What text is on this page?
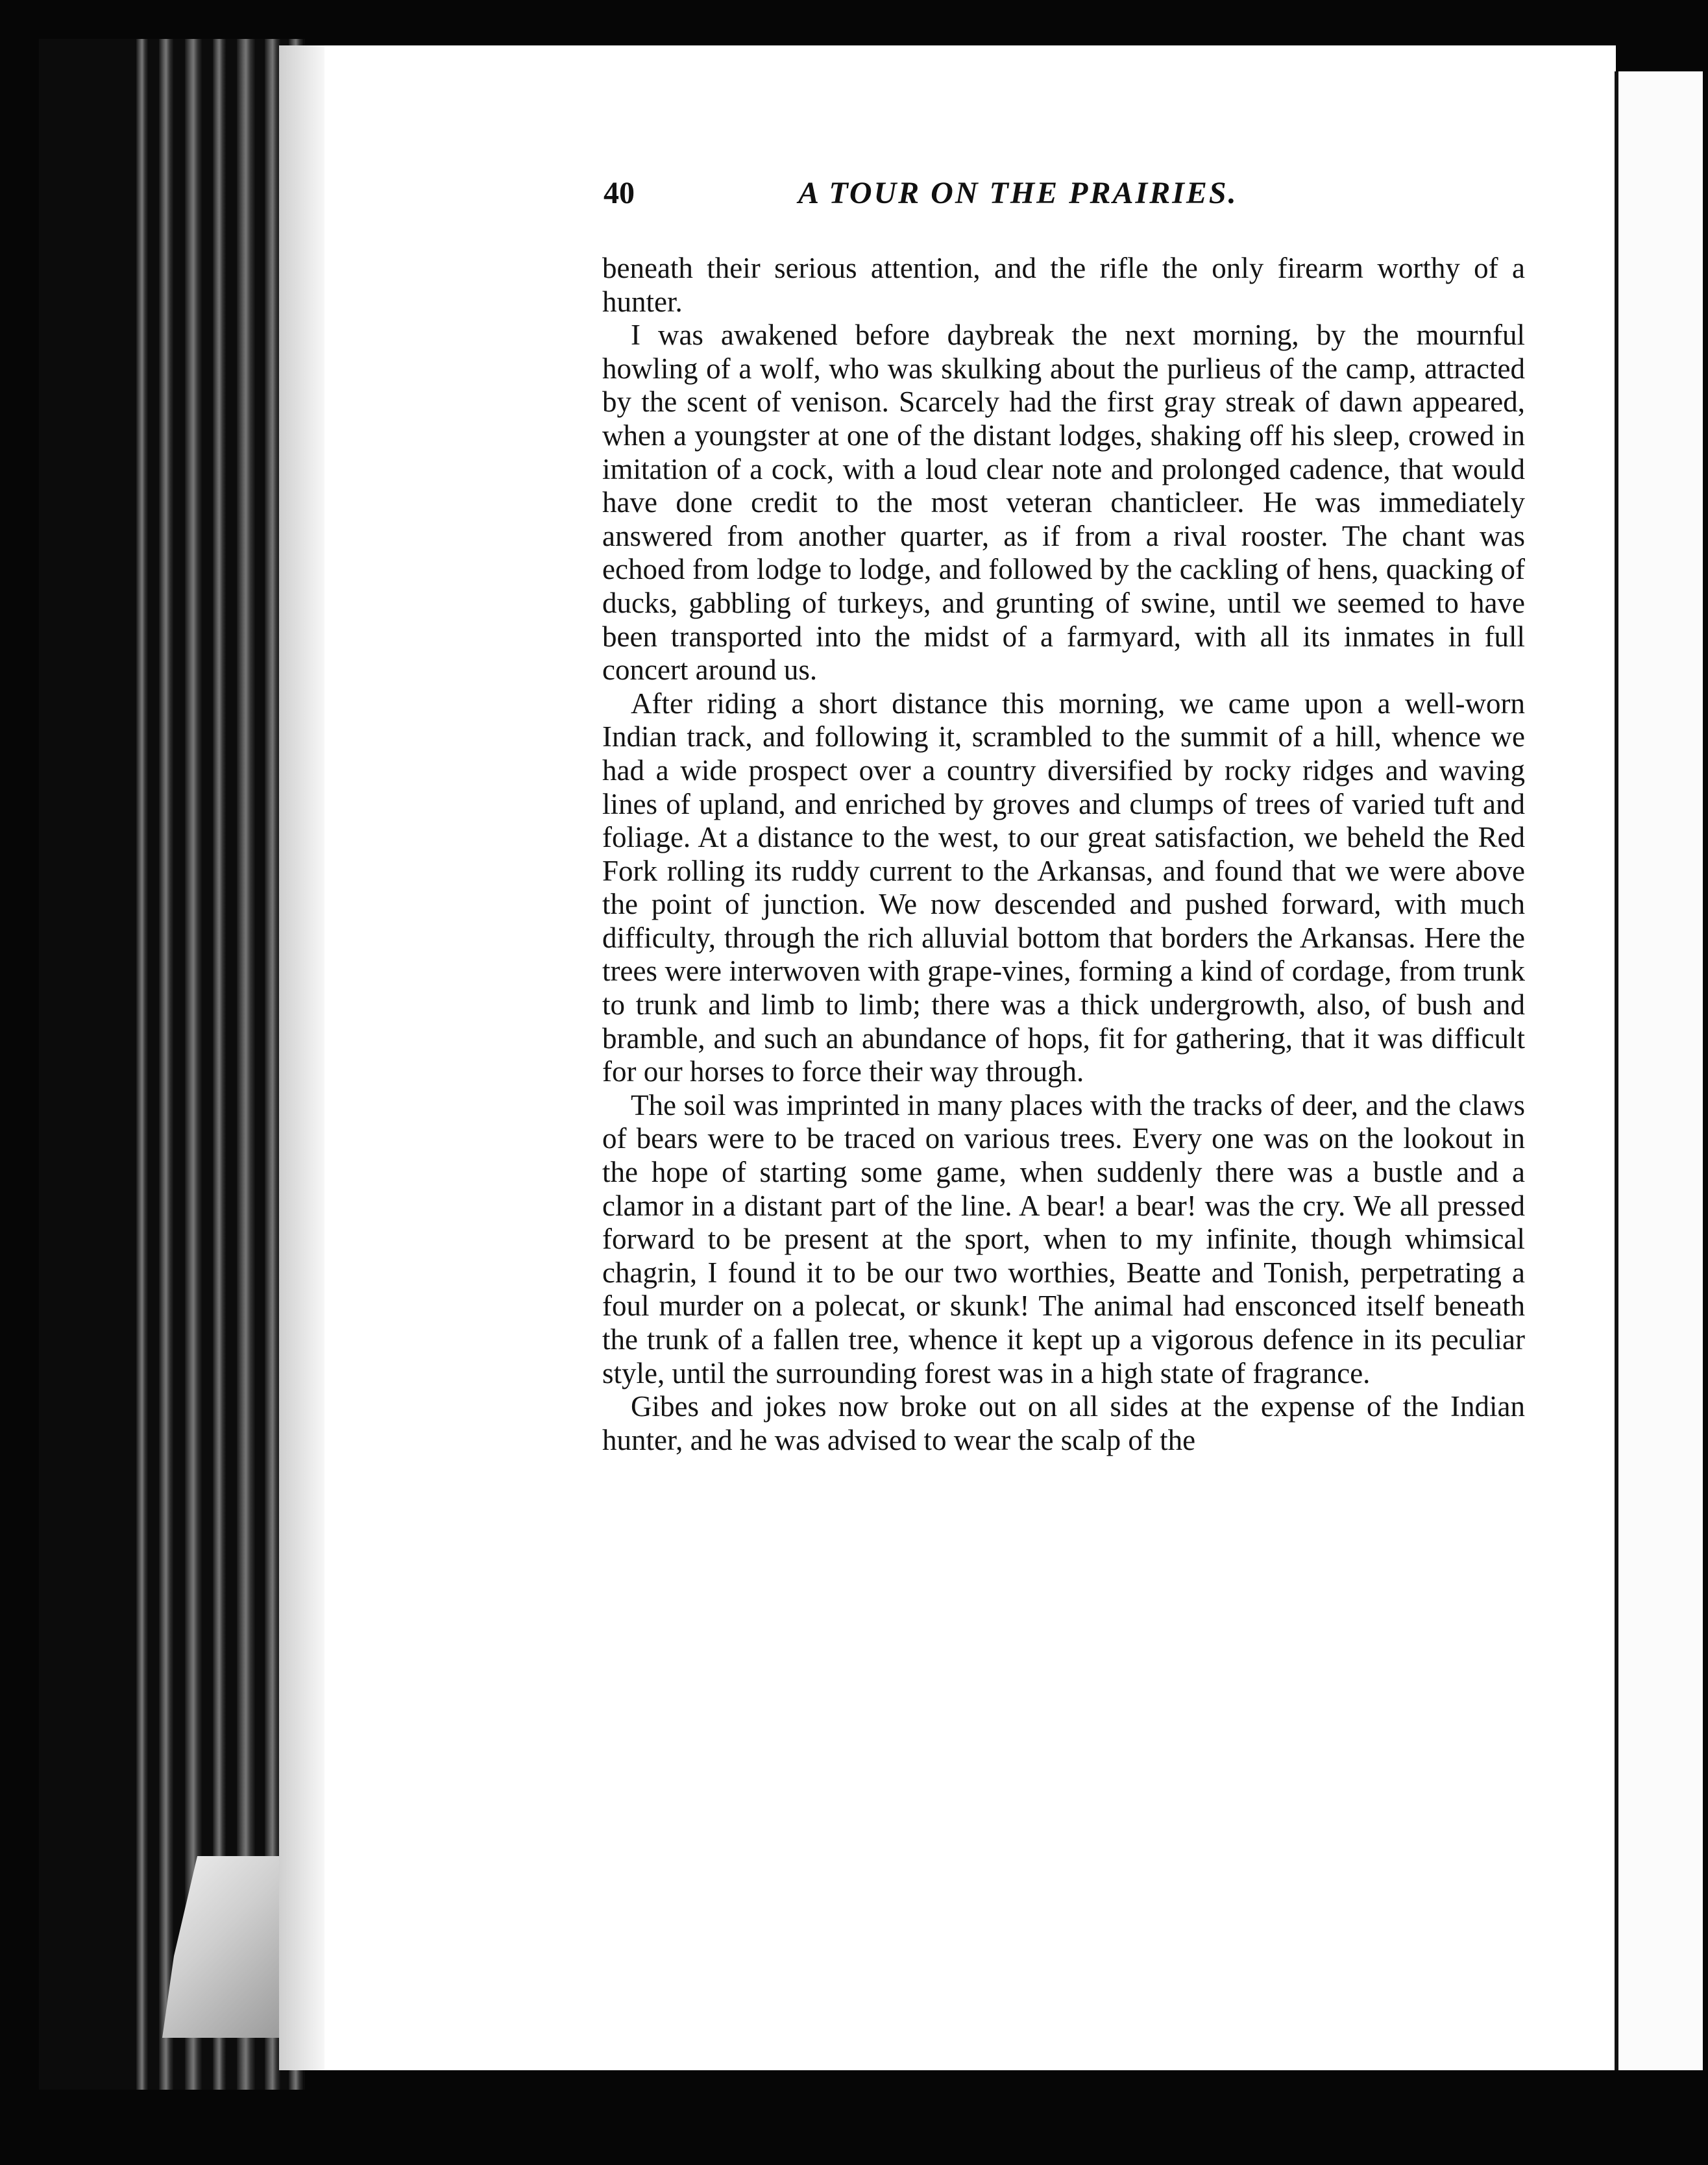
40	A TOUR ON THE PRAIRIES.

beneath their serious attention, and the rifle the only firearm worthy of a hunter.

I was awakened before daybreak the next morning, by the mournful howling of a wolf, who was skulking about the purlieus of the camp, attracted by the scent of venison. Scarcely had the first gray streak of dawn appeared, when a youngster at one of the distant lodges, shaking off his sleep, crowed in imitation of a cock, with a loud clear note and prolonged cadence, that would have done credit to the most veteran chanticleer. He was immediately answered from another quarter, as if from a rival rooster. The chant was echoed from lodge to lodge, and followed by the cackling of hens, quacking of ducks, gabbling of turkeys, and grunting of swine, until we seemed to have been transported into the midst of a farmyard, with all its inmates in full concert around us.

After riding a short distance this morning, we came upon a well-worn Indian track, and following it, scrambled to the summit of a hill, whence we had a wide prospect over a country diversified by rocky ridges and waving lines of upland, and enriched by groves and clumps of trees of varied tuft and foliage. At a distance to the west, to our great satisfaction, we beheld the Red Fork rolling its ruddy current to the Arkansas, and found that we were above the point of junction. We now descended and pushed forward, with much difficulty, through the rich alluvial bottom that borders the Arkansas. Here the trees were interwoven with grape-vines, forming a kind of cordage, from trunk to trunk and limb to limb; there was a thick undergrowth, also, of bush and bramble, and such an abundance of hops, fit for gathering, that it was difficult for our horses to force their way through.

The soil was imprinted in many places with the tracks of deer, and the claws of bears were to be traced on various trees. Every one was on the lookout in the hope of starting some game, when suddenly there was a bustle and a clamor in a distant part of the line. A bear! a bear! was the cry. We all pressed forward to be present at the sport, when to my infinite, though whimsical chagrin, I found it to be our two worthies, Beatte and Tonish, perpetrating a foul murder on a polecat, or skunk! The animal had ensconced itself beneath the trunk of a fallen tree, whence it kept up a vigorous defence in its peculiar style, until the surrounding forest was in a high state of fragrance.

Gibes and jokes now broke out on all sides at the expense of the Indian hunter, and he was advised to wear the scalp of the
